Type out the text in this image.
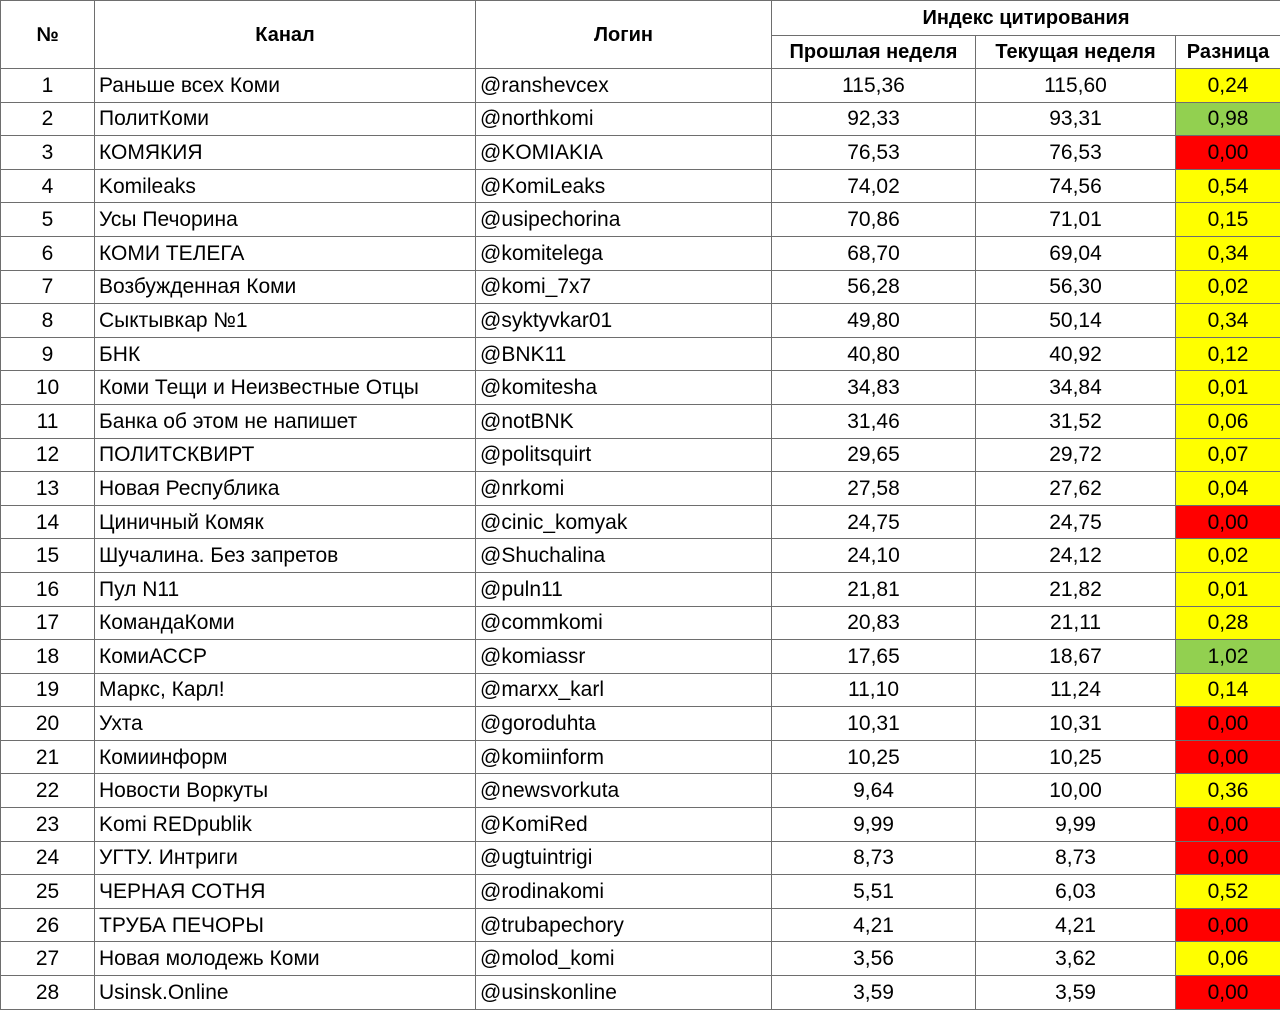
№	Канал	Логин	Индекс цитирования		
			Прошлая неделя	Текущая неделя	Разница
1	Раньше всех Коми	@ranshevcex	115,36	115,60	0,24
2	ПолитКоми	@northkomi	92,33	93,31	0,98
3	КОМЯКИЯ	@KOMIAKIA	76,53	76,53	0,00
4	Komileaks	@KomiLeaks	74,02	74,56	0,54
5	Усы Печорина	@usipechorina	70,86	71,01	0,15
6	КОМИ ТЕЛЕГА	@komitelega	68,70	69,04	0,34
7	Возбужденная Коми	@komi_7x7	56,28	56,30	0,02
8	Сыктывкар №1	@syktyvkar01	49,80	50,14	0,34
9	БНК	@BNK11	40,80	40,92	0,12
10	Коми Тещи и Неизвестные Отцы	@komitesha	34,83	34,84	0,01
11	Банка об этом не напишет	@notBNK	31,46	31,52	0,06
12	ПОЛИТСКВИРТ	@politsquirt	29,65	29,72	0,07
13	Новая Республика	@nrkomi	27,58	27,62	0,04
14	Циничный Комяк	@cinic_komyak	24,75	24,75	0,00
15	Шучалина. Без запретов	@Shuchalina	24,10	24,12	0,02
16	Пул N11	@puln11	21,81	21,82	0,01
17	КомандаКоми	@commkomi	20,83	21,11	0,28
18	КомиАССР	@komiassr	17,65	18,67	1,02
19	Маркс, Карл!	@marxx_karl	11,10	11,24	0,14
20	Ухта	@goroduhta	10,31	10,31	0,00
21	Комиинформ	@komiinform	10,25	10,25	0,00
22	Новости Воркуты	@newsvorkuta	9,64	10,00	0,36
23	Komi REDpublik	@KomiRed	9,99	9,99	0,00
24	УГТУ. Интриги	@ugtuintrigi	8,73	8,73	0,00
25	ЧЕРНАЯ СОТНЯ	@rodinakomi	5,51	6,03	0,52
26	ТРУБА ПЕЧОРЫ	@trubapechory	4,21	4,21	0,00
27	Новая молодежь Коми	@molod_komi	3,56	3,62	0,06
28	Usinsk.Online	@usinskonline	3,59	3,59	0,00
